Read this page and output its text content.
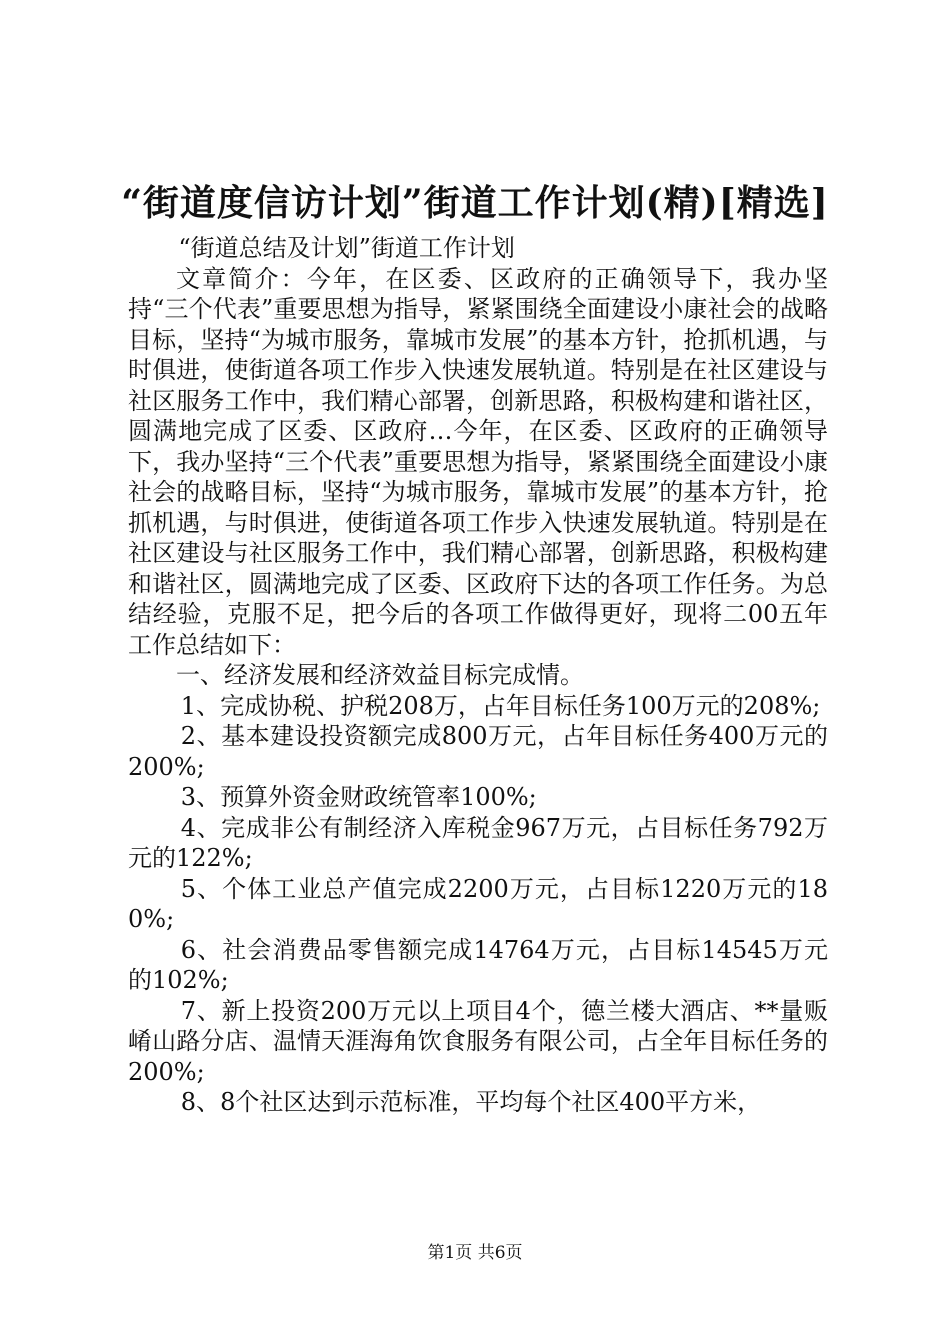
“街道度信访计划”街道工作计划(精)[精选]

“街道总结及计划”街道工作计划

文章简介：今年，在区委、区政府的正确领导下，我办坚持“三个代表”重要思想为指导，紧紧围绕全面建设小康社会的战略目标，坚持“为城市服务，靠城市发展”的基本方针，抢抓机遇，与时俱进，使街道各项工作步入快速发展轨道。特别是在社区建设与社区服务工作中，我们精心部署，创新思路，积极构建和谐社区，圆满地完成了区委、区政府…今年，在区委、区政府的正确领导下，我办坚持“三个代表”重要思想为指导，紧紧围绕全面建设小康社会的战略目标，坚持“为城市服务，靠城市发展”的基本方针，抢抓机遇，与时俱进，使街道各项工作步入快速发展轨道。特别是在社区建设与社区服务工作中，我们精心部署，创新思路，积极构建和谐社区，圆满地完成了区委、区政府下达的各项工作任务。为总结经验，克服不足，把今后的各项工作做得更好，现将二00五年工作总结如下：

一、经济发展和经济效益目标完成情。

1、完成协税、护税208万，占年目标任务100万元的208%;

2、基本建设投资额完成800万元，占年目标任务400万元的200%;

3、预算外资金财政统管率100%;

4、完成非公有制经济入库税金967万元，占目标任务792万元的122%;

5、个体工业总产值完成2200万元，占目标1220万元的180%;

6、社会消费品零售额完成14764万元，占目标14545万元的102%;

7、新上投资200万元以上项目4个，德兰楼大酒店、**量贩崤山路分店、温情天涯海角饮食服务有限公司，占全年目标任务的200%;

8、8个社区达到示范标准，平均每个社区400平方米，

第1页 共6页
